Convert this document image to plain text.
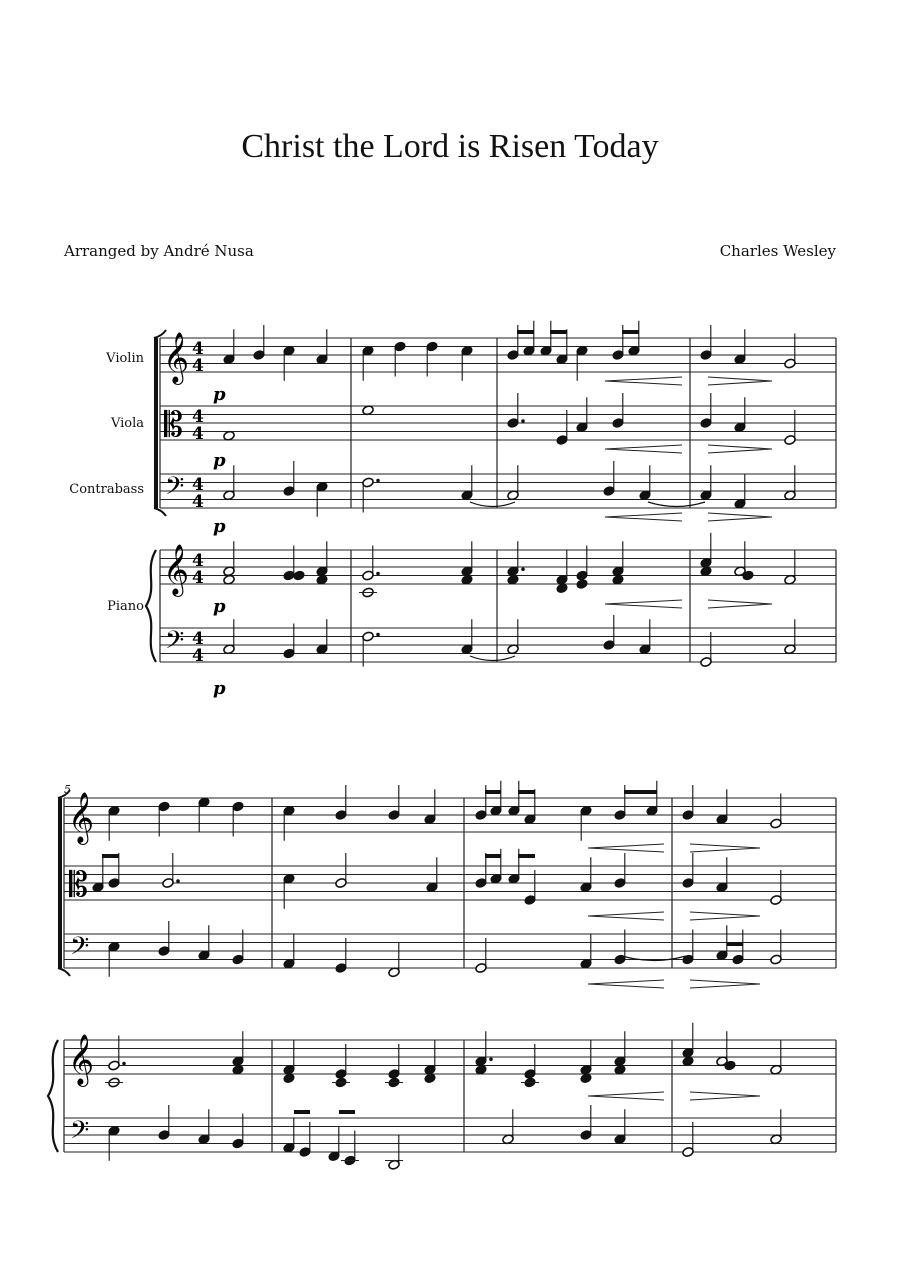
Christ the Lord is Risen Today
Arranged by André Nusa	Charles Wesley
Violin
Viola
Contrabass
Piano
5
𝄞
𝄡
𝄢
𝄞
𝄢
4
4
4
4
4
4
4
4
4
4
p
p
p
p
p
𝄞
𝄡
𝄢
𝄞
𝄢
